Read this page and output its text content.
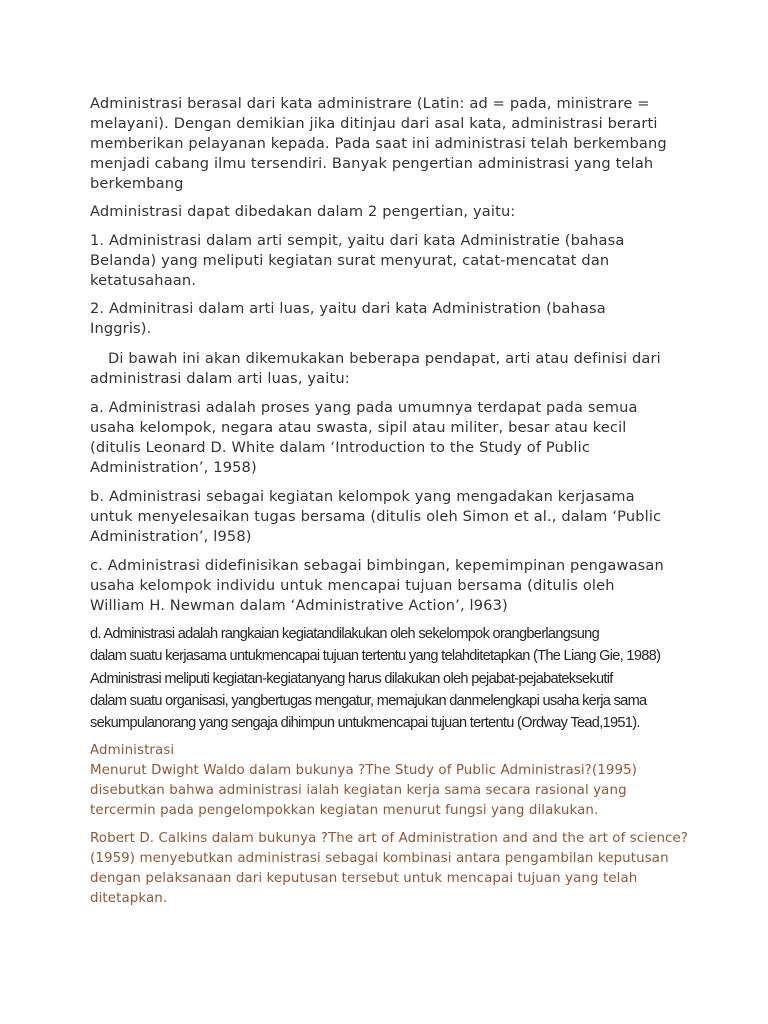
Administrasi berasal dari kata administrare (Latin: ad = pada, ministrare =
melayani). Dengan demikian jika ditinjau dari asal kata, administrasi berarti
memberikan pelayanan kepada. Pada saat ini administrasi telah berkembang
menjadi cabang ilmu tersendiri. Banyak pengertian administrasi yang telah
berkembang

Administrasi dapat dibedakan dalam 2 pengertian, yaitu:

1. Administrasi dalam arti sempit, yaitu dari kata Administratie (bahasa
Belanda) yang meliputi kegiatan surat menyurat, catat-mencatat dan
ketatusahaan.

2. Adminitrasi dalam arti luas, yaitu dari kata Administration (bahasa
Inggris).

Di bawah ini akan dikemukakan beberapa pendapat, arti atau definisi dari
administrasi dalam arti luas, yaitu:

a. Administrasi adalah proses yang pada umumnya terdapat pada semua
usaha kelompok, negara atau swasta, sipil atau militer, besar atau kecil
(ditulis Leonard D. White dalam ‘Introduction to the Study of Public
Administration’, 1958)

b. Administrasi sebagai kegiatan kelompok yang mengadakan kerjasama
untuk menyelesaikan tugas bersama (ditulis oleh Simon et al., dalam ‘Public
Administration’, l958)

c. Administrasi didefinisikan sebagai bimbingan, kepemimpinan pengawasan
usaha kelompok individu untuk mencapai tujuan bersama (ditulis oleh
William H. Newman dalam ‘Administrative Action’, l963)

d. Administrasi adalah rangkaian kegiatandilakukan oleh sekelompok orangberlangsung
dalam suatu kerjasama untukmencapai tujuan tertentu yang telahditetapkan (The Liang Gie, 1988)

Administrasi meliputi kegiatan-kegiatanyang harus dilakukan oleh pejabat-pejabateksekutif
dalam suatu organisasi, yangbertugas mengatur, memajukan danmelengkapi usaha kerja sama
sekumpulanorang yang sengaja dihimpun untukmencapai tujuan tertentu (Ordway Tead,1951).

Administrasi
Menurut Dwight Waldo dalam bukunya ?The Study of Public Administrasi?(1995)
disebutkan bahwa administrasi ialah kegiatan kerja sama secara rasional yang
tercermin pada pengelompokkan kegiatan menurut fungsi yang dilakukan.

Robert D. Calkins dalam bukunya ?The art of Administration and and the art of science?
(1959) menyebutkan administrasi sebagai kombinasi antara pengambilan keputusan
dengan pelaksanaan dari keputusan tersebut untuk mencapai tujuan yang telah
ditetapkan.
